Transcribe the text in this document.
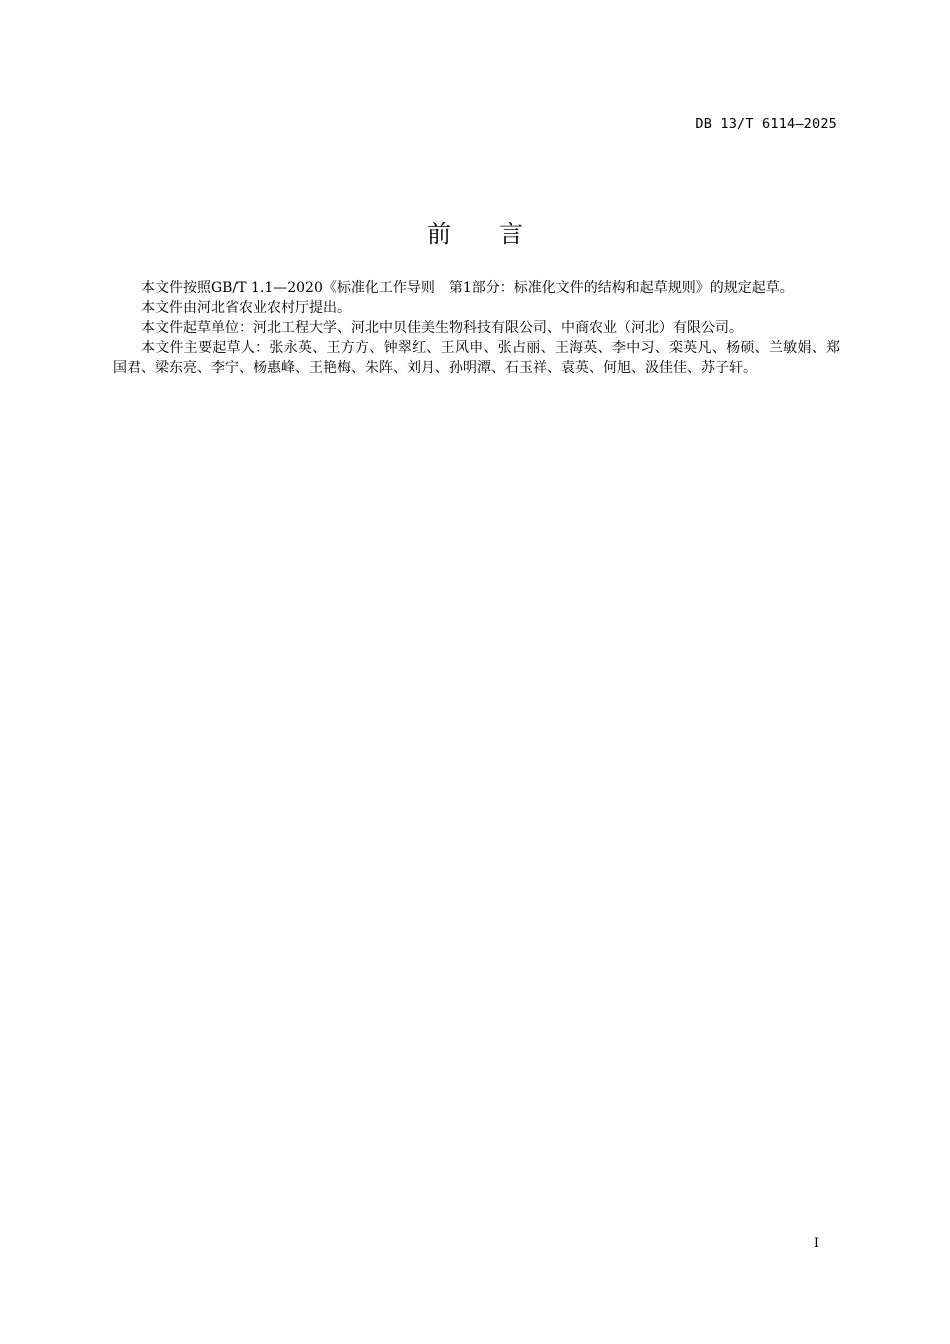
DB 13/T 6114—2025
前 言

本文件按照GB/T 1.1—2020《标准化工作导则　第1部分：标准化文件的结构和起草规则》的规定起草。

本文件由河北省农业农村厅提出。

本文件起草单位：河北工程大学、河北中贝佳美生物科技有限公司、中商农业（河北）有限公司。

本文件主要起草人：张永英、王方方、钟翠红、王风申、张占丽、王海英、李中习、栾英凡、杨硕、兰敏娟、郑国君、梁东亮、李宁、杨惠峰、王艳梅、朱阵、刘月、孙明潭、石玉祥、袁英、何旭、汲佳佳、苏子轩。

I
